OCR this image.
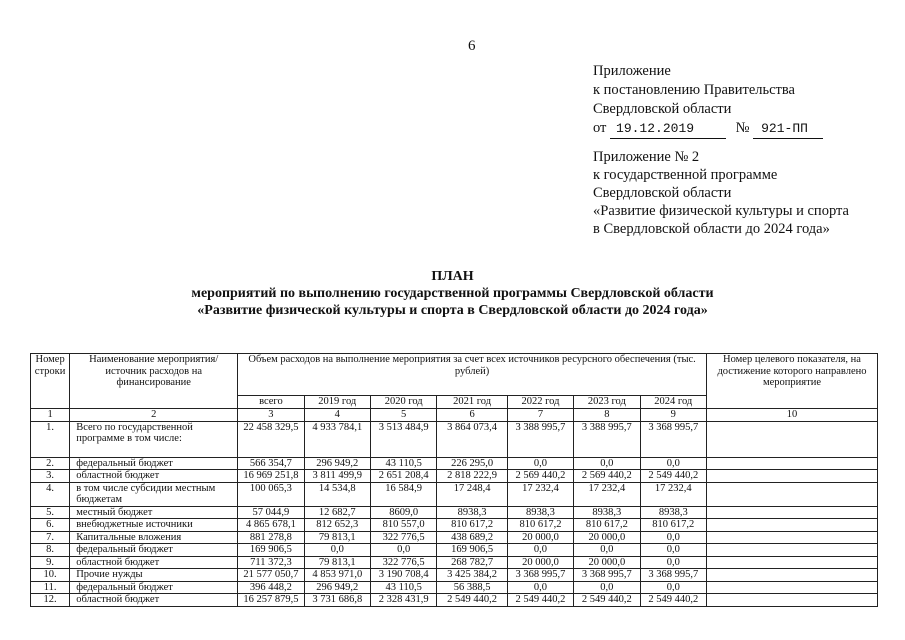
6
Приложение
к постановлению Правительства
Свердловской области
от 19.12.2019	№ 921-ПП
Приложение № 2
к государственной программе
Свердловской области
«Развитие физической культуры и спорта
в Свердловской области до 2024 года»
ПЛАН
мероприятий по выполнению государственной программы Свердловской области
«Развитие физической культуры и спорта в Свердловской области до 2024 года»
Номер строки	Наименование мероприятия/ источник расходов на финансирование	Объем расходов на выполнение мероприятия за счет всех источников ресурсного обеспечения (тыс. рублей)							Номер целевого показателя, на достижение которого направлено мероприятие
		всего	2019 год	2020 год	2021 год	2022 год	2023 год	2024 год	
1	2	3	4	5	6	7	8	9	10
1.	Всего по государственной программе в том числе:	22 458 329,5	4 933 784,1	3 513 484,9	3 864 073,4	3 388 995,7	3 388 995,7	3 368 995,7	
2.	федеральный бюджет	566 354,7	296 949,2	43 110,5	226 295,0	0,0	0,0	0,0	
3.	областной бюджет	16 969 251,8	3 811 499,9	2 651 208,4	2 818 222,9	2 569 440,2	2 569 440,2	2 549 440,2	
4.	в том числе субсидии местным бюджетам	100 065,3	14 534,8	16 584,9	17 248,4	17 232,4	17 232,4	17 232,4	
5.	местный бюджет	57 044,9	12 682,7	8609,0	8938,3	8938,3	8938,3	8938,3	
6.	внебюджетные источники	4 865 678,1	812 652,3	810 557,0	810 617,2	810 617,2	810 617,2	810 617,2	
7.	Капитальные вложения	881 278,8	79 813,1	322 776,5	438 689,2	20 000,0	20 000,0	0,0	
8.	федеральный бюджет	169 906,5	0,0	0,0	169 906,5	0,0	0,0	0,0	
9.	областной бюджет	711 372,3	79 813,1	322 776,5	268 782,7	20 000,0	20 000,0	0,0	
10.	Прочие нужды	21 577 050,7	4 853 971,0	3 190 708,4	3 425 384,2	3 368 995,7	3 368 995,7	3 368 995,7	
11.	федеральный бюджет	396 448,2	296 949,2	43 110,5	56 388,5	0,0	0,0	0,0	
12.	областной бюджет	16 257 879,5	3 731 686,8	2 328 431,9	2 549 440,2	2 549 440,2	2 549 440,2	2 549 440,2	
